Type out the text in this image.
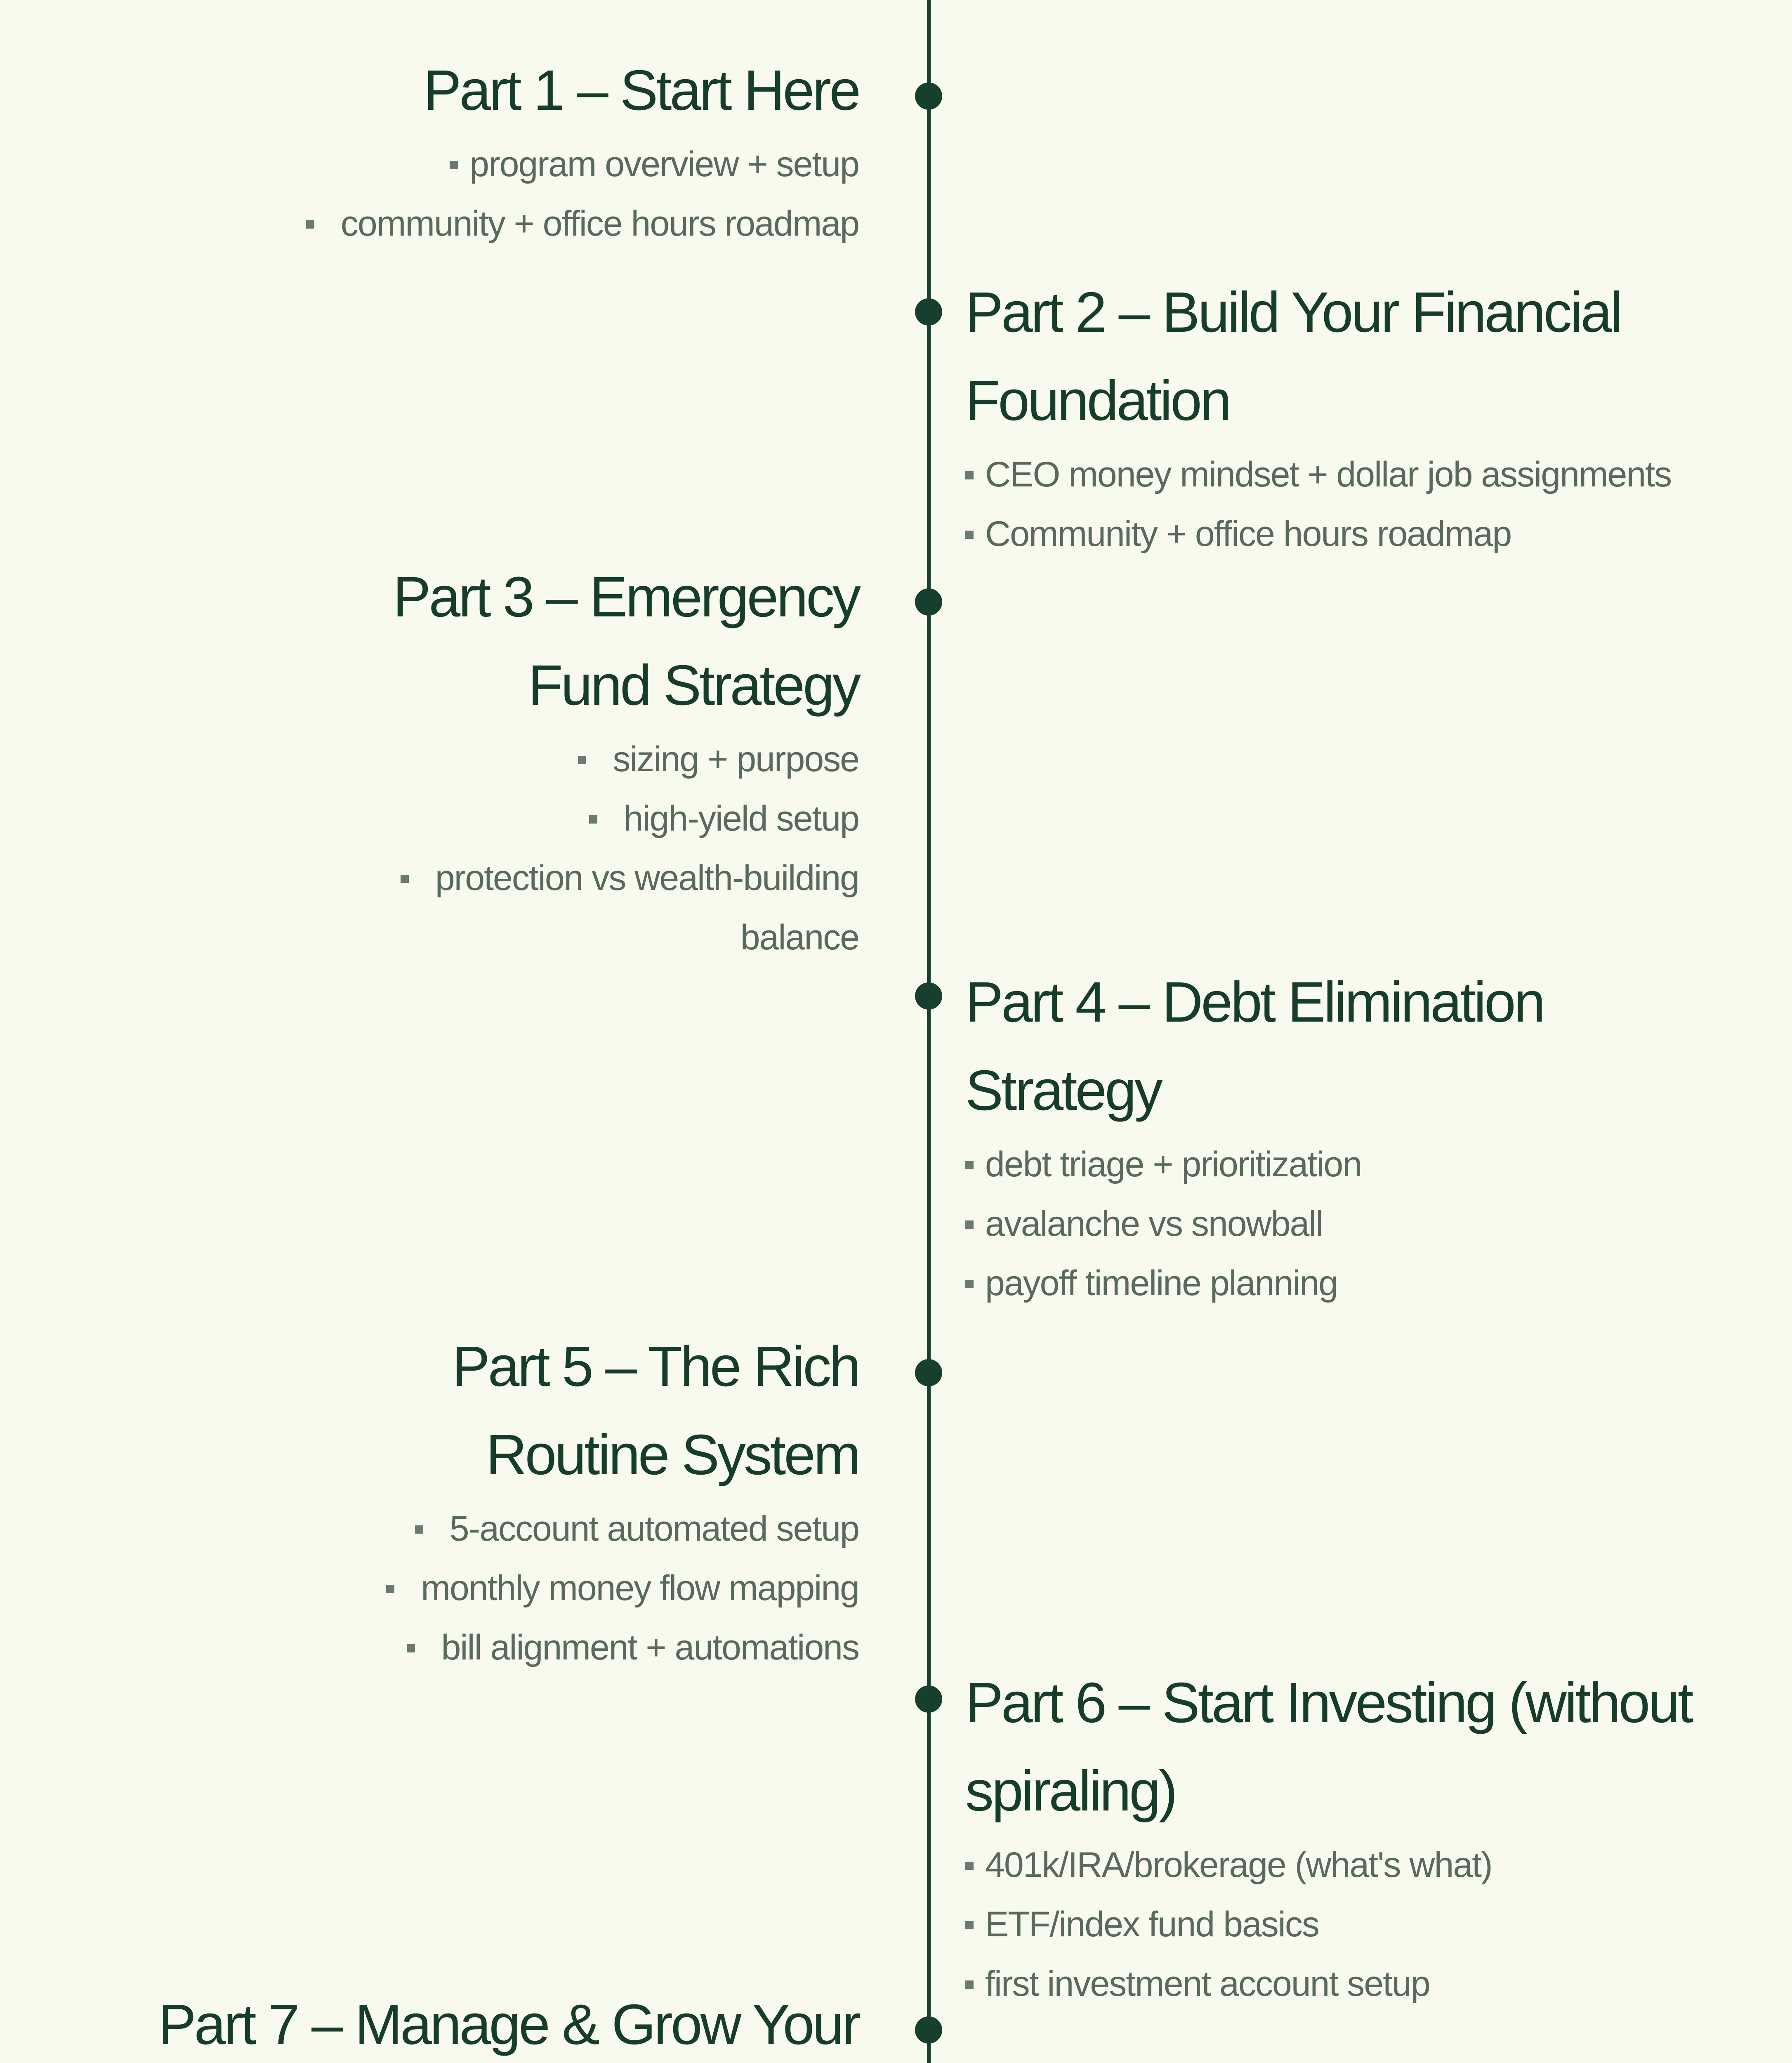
Part 1 – Start Here
program overview + setup
community + office hours roadmap
Part 2 – Build Your Financial
Foundation
CEO money mindset + dollar job assignments
Community + office hours roadmap
Part 3 – Emergency
Fund Strategy
sizing + purpose
high-yield setup
protection vs wealth-building
balance
Part 4 – Debt Elimination
Strategy
debt triage + prioritization
avalanche vs snowball
payoff timeline planning
Part 5 – The Rich
Routine System
5-account automated setup
monthly money flow mapping
bill alignment + automations
Part 6 – Start Investing (without
spiraling)
401k/IRA/brokerage (what's what)
ETF/index fund basics
first investment account setup
Part 7 – Manage & Grow Your
